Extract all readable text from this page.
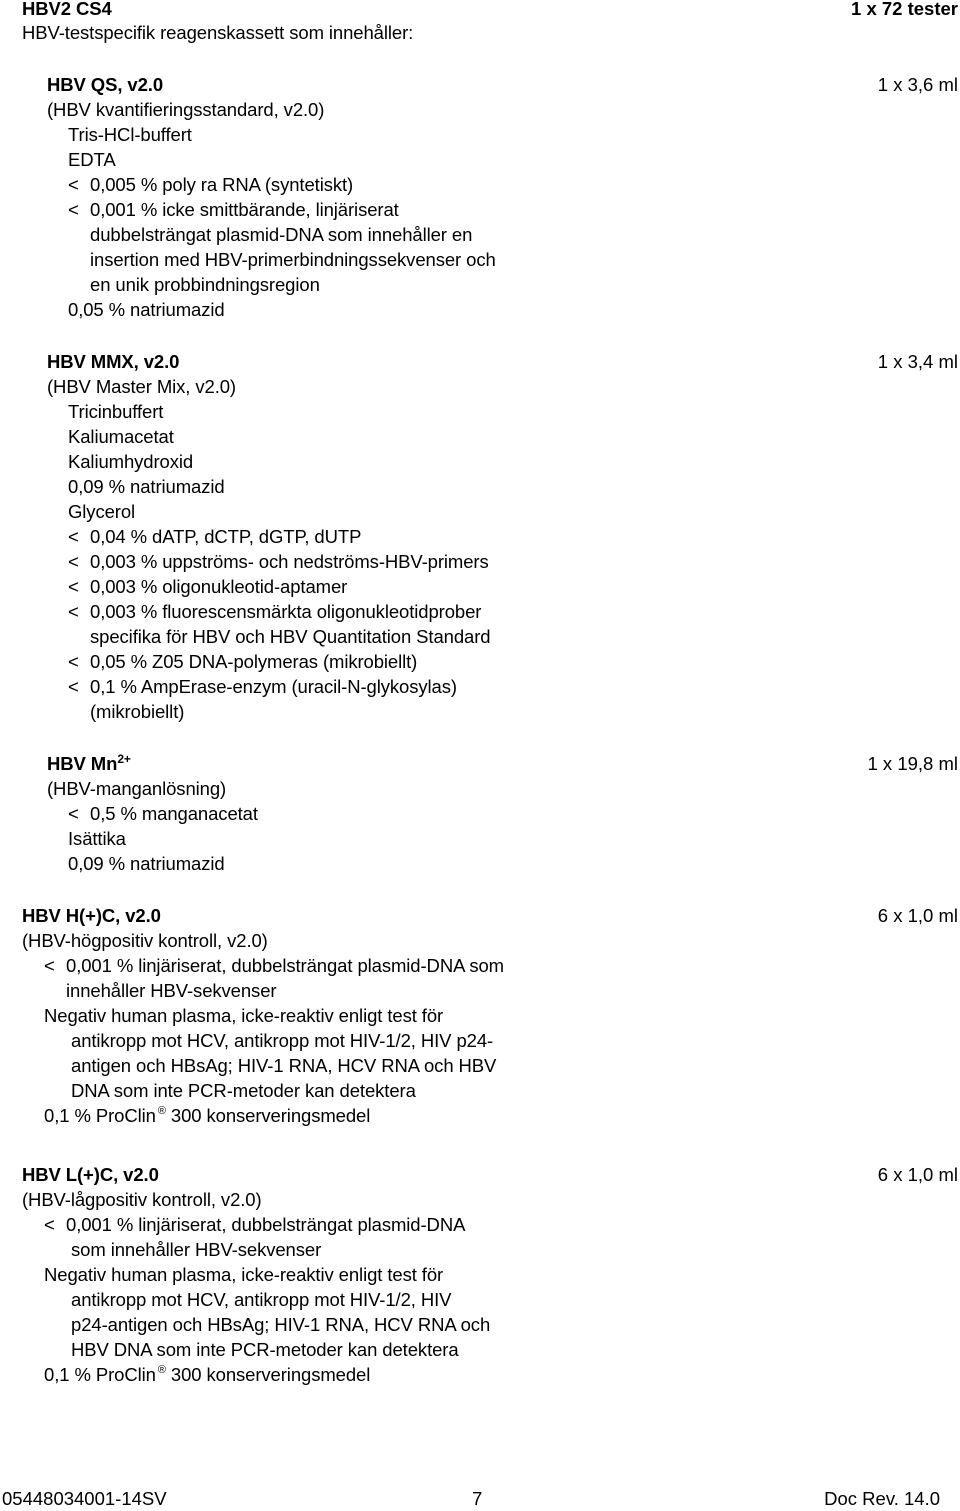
HBV2 CS4	1 x 72 tester
HBV-testspecifik reagenskassett som innehåller:
HBV QS, v2.0	1 x 3,6 ml
(HBV kvantifieringsstandard, v2.0)
Tris-HCl-buffert
EDTA
< 0,005 % poly ra RNA (syntetiskt)
< 0,001 % icke smittbärande, linjäriserat
dubbelsträngat plasmid-DNA som innehåller en
insertion med HBV-primerbindningssekvenser och
en unik probbindningsregion
0,05 % natriumazid
HBV MMX, v2.0	1 x 3,4 ml
(HBV Master Mix, v2.0)
Tricinbuffert
Kaliumacetat
Kaliumhydroxid
0,09 % natriumazid
Glycerol
< 0,04 % dATP, dCTP, dGTP, dUTP
< 0,003 % uppströms- och nedströms-HBV-primers
< 0,003 % oligonukleotid-aptamer
< 0,003 % fluorescensmärkta oligonukleotidprober
specifika för HBV och HBV Quantitation Standard
< 0,05 % Z05 DNA-polymeras (mikrobiellt)
< 0,1 % AmpErase-enzym (uracil-N-glykosylas)
(mikrobiellt)
HBV $Mn^{2+}$	1 x 19,8 ml
(HBV-manganlösning)
< 0,5 % manganacetat
Isättika
0,09 % natriumazid
HBV H(+)C, v2.0	6 x 1,0 ml
(HBV-högpositiv kontroll, v2.0)
< 0,001 % linjäriserat, dubbelsträngat plasmid-DNA som
innehåller HBV-sekvenser
Negativ human plasma, icke-reaktiv enligt test för
antikropp mot HCV, antikropp mot HIV-1/2, HIV p24-
antigen och HBsAg; HIV-1 RNA, HCV RNA och HBV
DNA som inte PCR-metoder kan detektera
0,1 % ProClin ® 300 konserveringsmedel
HBV L(+)C, v2.0	6 x 1,0 ml
(HBV-lågpositiv kontroll, v2.0)
< 0,001 % linjäriserat, dubbelsträngat plasmid-DNA
som innehåller HBV-sekvenser
Negativ human plasma, icke-reaktiv enligt test för
antikropp mot HCV, antikropp mot HIV-1/2, HIV
p24-antigen och HBsAg; HIV-1 RNA, HCV RNA och
HBV DNA som inte PCR-metoder kan detektera
0,1 % ProClin ® 300 konserveringsmedel
05448034001-14SV	7	Doc Rev. 14.0
